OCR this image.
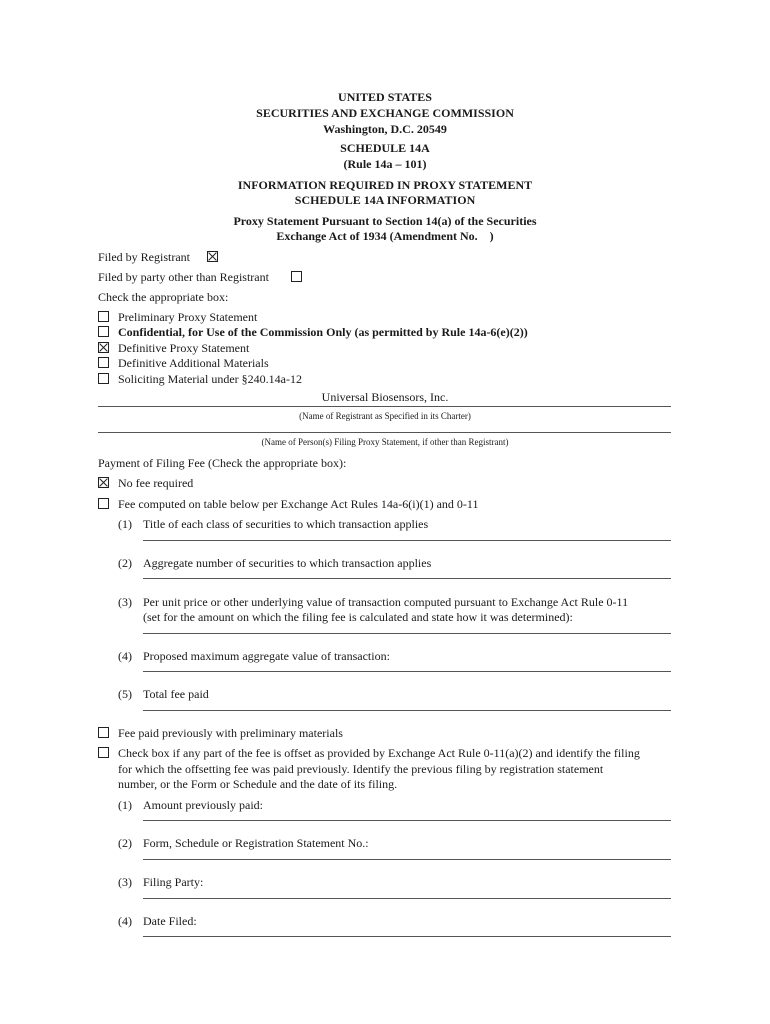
UNITED STATES
SECURITIES AND EXCHANGE COMMISSION
Washington, D.C. 20549
SCHEDULE 14A
(Rule 14a – 101)
INFORMATION REQUIRED IN PROXY STATEMENT
SCHEDULE 14A INFORMATION
Proxy Statement Pursuant to Section 14(a) of the Securities
Exchange Act of 1934 (Amendment No.    )
Filed by Registrant
Filed by party other than Registrant
Check the appropriate box:
Preliminary Proxy Statement
Confidential, for Use of the Commission Only (as permitted by Rule 14a-6(e)(2))
Definitive Proxy Statement
Definitive Additional Materials
Soliciting Material under §240.14a-12
Universal Biosensors, Inc.
(Name of Registrant as Specified in its Charter)
(Name of Person(s) Filing Proxy Statement, if other than Registrant)
Payment of Filing Fee (Check the appropriate box):
No fee required
Fee computed on table below per Exchange Act Rules 14a-6(i)(1) and 0-11
(1) Title of each class of securities to which transaction applies
(2) Aggregate number of securities to which transaction applies
(3) Per unit price or other underlying value of transaction computed pursuant to Exchange Act Rule 0-11
(set for the amount on which the filing fee is calculated and state how it was determined):
(4) Proposed maximum aggregate value of transaction:
(5) Total fee paid
Fee paid previously with preliminary materials
Check box if any part of the fee is offset as provided by Exchange Act Rule 0-11(a)(2) and identify the filing
for which the offsetting fee was paid previously. Identify the previous filing by registration statement
number, or the Form or Schedule and the date of its filing.
(1) Amount previously paid:
(2) Form, Schedule or Registration Statement No.:
(3) Filing Party:
(4) Date Filed:
